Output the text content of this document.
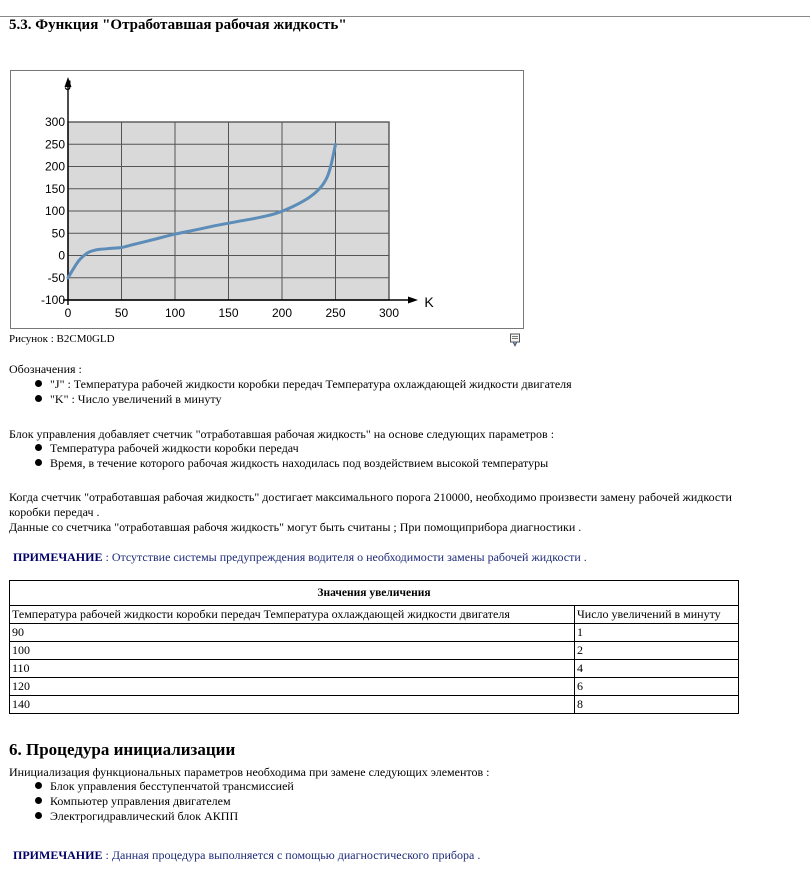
5.3. Функция "Отработавшая рабочая жидкость"
J
K
300
250
200
150
100
50
0
-50
-100
0	50	100	150	200	250	300
Рисунок : B2CM0GLD
Обозначения :
"J" : Температура рабочей жидкости коробки передач Температура охлаждающей жидкости двигателя
"K" : Число увеличений в минуту
Блок управления добавляет счетчик "отработавшая рабочая жидкость" на основе следующих параметров :
Температура рабочей жидкости коробки передач
Время, в течение которого рабочая жидкость находилась под воздействием высокой температуры
Когда счетчик "отработавшая рабочая жидкость" достигает максимального порога 210000, необходимо произвести замену рабочей жидкости
коробки передач .
Данные со счетчика "отработавшая рабочя жидкость" могут быть считаны ; При помощиприбора диагностики .
ПРИМЕЧАНИЕ : Отсутствие системы предупреждения водителя о необходимости замены рабочей жидкости .
Значения увеличения	
Температура рабочей жидкости коробки передач Температура охлаждающей жидкости двигателя	Число увеличений в минуту
90	1
100	2
110	4
120	6
140	8
6. Процедура инициализации
Инициализация функциональных параметров необходима при замене следующих элементов :
Блок управления бесступенчатой трансмиссией
Компьютер управления двигателем
Электрогидравлический блок АКПП
ПРИМЕЧАНИЕ : Данная процедура выполняется с помощью диагностического прибора .
